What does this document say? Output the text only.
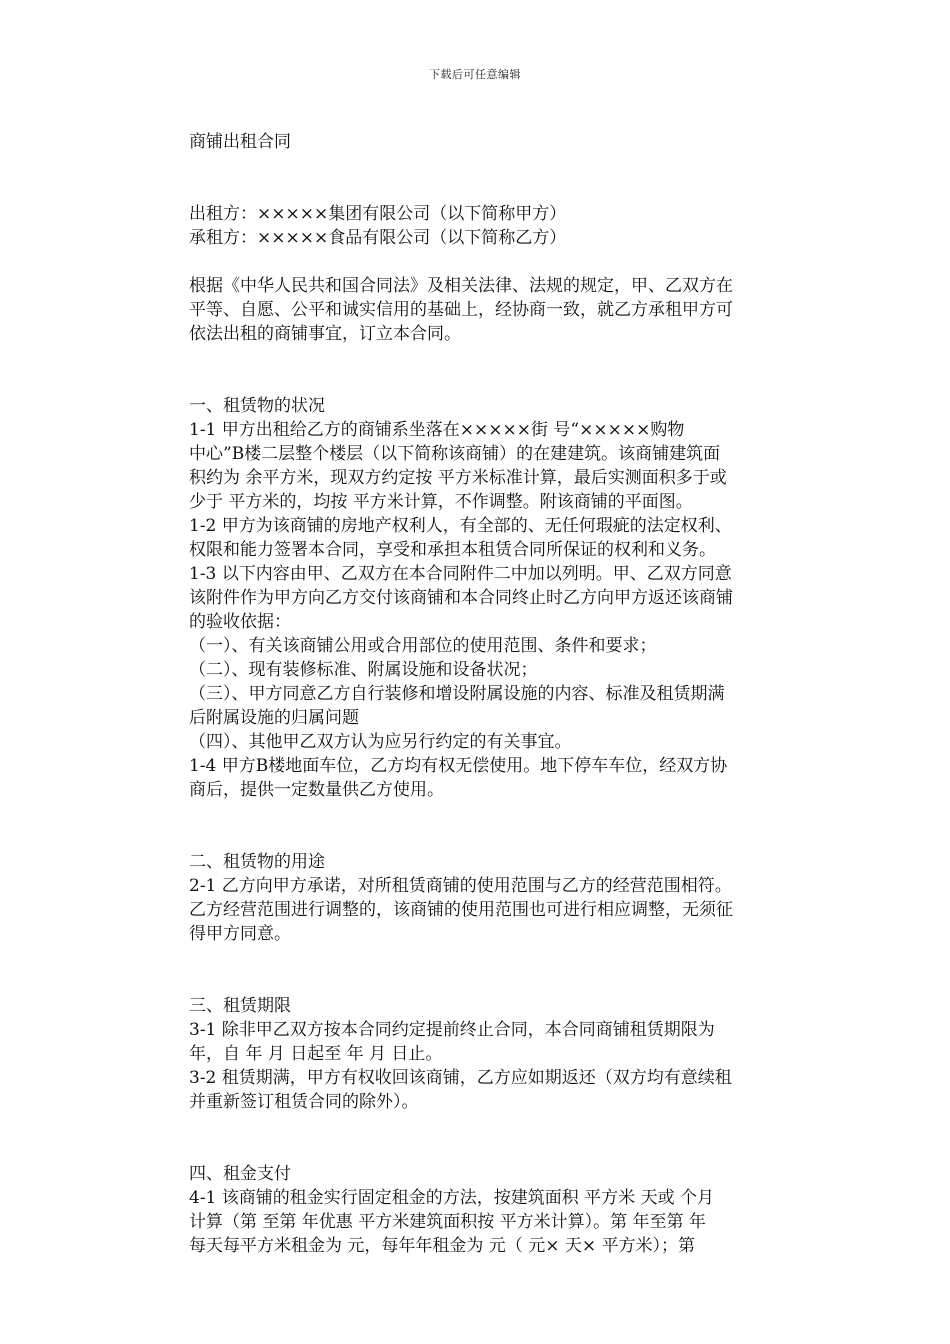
下载后可任意编辑
商铺出租合同
出租方：×××××集团有限公司（以下简称甲方）
承租方：×××××食品有限公司（以下简称乙方）
根据《中华人民共和国合同法》及相关法律、法规的规定，甲、乙双方在
平等、自愿、公平和诚实信用的基础上，经协商一致，就乙方承租甲方可
依法出租的商铺事宜，订立本合同。
一、租赁物的状况
1-1 甲方出租给乙方的商铺系坐落在×××××街 号“×××××购物
中心”B楼二层整个楼层（以下简称该商铺）的在建建筑。该商铺建筑面
积约为 余平方米，现双方约定按 平方米标准计算，最后实测面积多于或
少于 平方米的，均按 平方米计算，不作调整。附该商铺的平面图。
1-2 甲方为该商铺的房地产权利人，有全部的、无任何瑕疵的法定权利、
权限和能力签署本合同，享受和承担本租赁合同所保证的权利和义务。
1-3 以下内容由甲、乙双方在本合同附件二中加以列明。甲、乙双方同意
该附件作为甲方向乙方交付该商铺和本合同终止时乙方向甲方返还该商铺
的验收依据：
（一）、有关该商铺公用或合用部位的使用范围、条件和要求；
（二）、现有装修标准、附属设施和设备状况；
（三）、甲方同意乙方自行装修和增设附属设施的内容、标准及租赁期满
后附属设施的归属问题
（四）、其他甲乙双方认为应另行约定的有关事宜。
1-4 甲方B楼地面车位，乙方均有权无偿使用。地下停车车位，经双方协
商后，提供一定数量供乙方使用。
二、租赁物的用途
2-1 乙方向甲方承诺，对所租赁商铺的使用范围与乙方的经营范围相符。
乙方经营范围进行调整的，该商铺的使用范围也可进行相应调整，无须征
得甲方同意。
三、租赁期限
3-1 除非甲乙双方按本合同约定提前终止合同，本合同商铺租赁期限为
年，自 年 月 日起至 年 月 日止。
3-2 租赁期满，甲方有权收回该商铺，乙方应如期返还（双方均有意续租
并重新签订租赁合同的除外）。
四、租金支付
4-1 该商铺的租金实行固定租金的方法，按建筑面积 平方米 天或 个月
计算（第 至第 年优惠 平方米建筑面积按 平方米计算）。第 年至第 年
每天每平方米租金为 元，每年年租金为 元（ 元× 天× 平方米）；第
